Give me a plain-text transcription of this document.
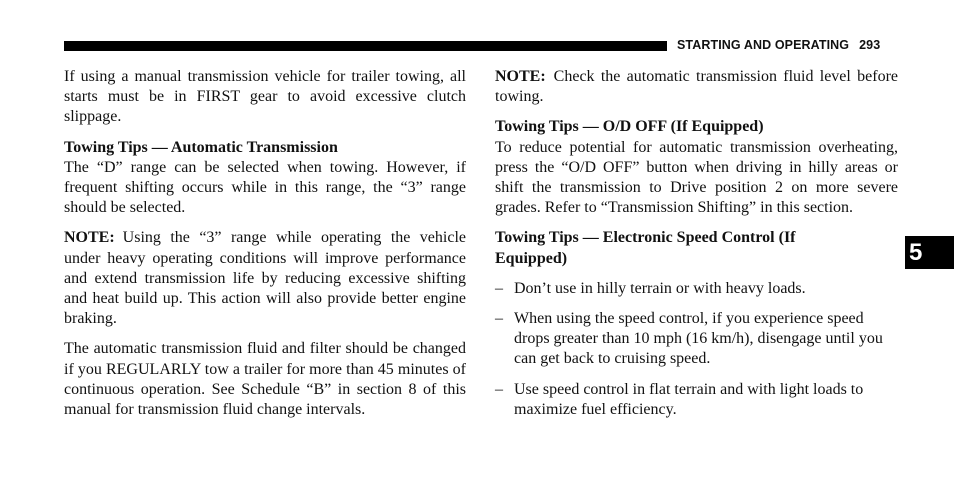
STARTING AND OPERATING 293

If using a manual transmission vehicle for trailer towing, all starts must be in FIRST gear to avoid excessive clutch slippage.

Towing Tips — Automatic Transmission
The “D” range can be selected when towing. However, if frequent shifting occurs while in this range, the “3” range should be selected.

NOTE: Using the “3” range while operating the vehicle under heavy operating conditions will improve performance and extend transmission life by reducing excessive shifting and heat build up. This action will also provide better engine braking.

The automatic transmission fluid and filter should be changed if you REGULARLY tow a trailer for more than 45 minutes of continuous operation. See Schedule “B” in section 8 of this manual for transmission fluid change intervals.

NOTE: Check the automatic transmission fluid level before towing.

Towing Tips — O/D OFF (If Equipped)
To reduce potential for automatic transmission overheating, press the “O/D OFF” button when driving in hilly areas or shift the transmission to Drive position 2 on more severe grades. Refer to “Transmission Shifting” in this section.

Towing Tips — Electronic Speed Control (If
Equipped)

– Don’t use in hilly terrain or with heavy loads.
– When using the speed control, if you experience speed drops greater than 10 mph (16 km/h), disengage until you can get back to cruising speed.
– Use speed control in flat terrain and with light loads to maximize fuel efficiency.
5
